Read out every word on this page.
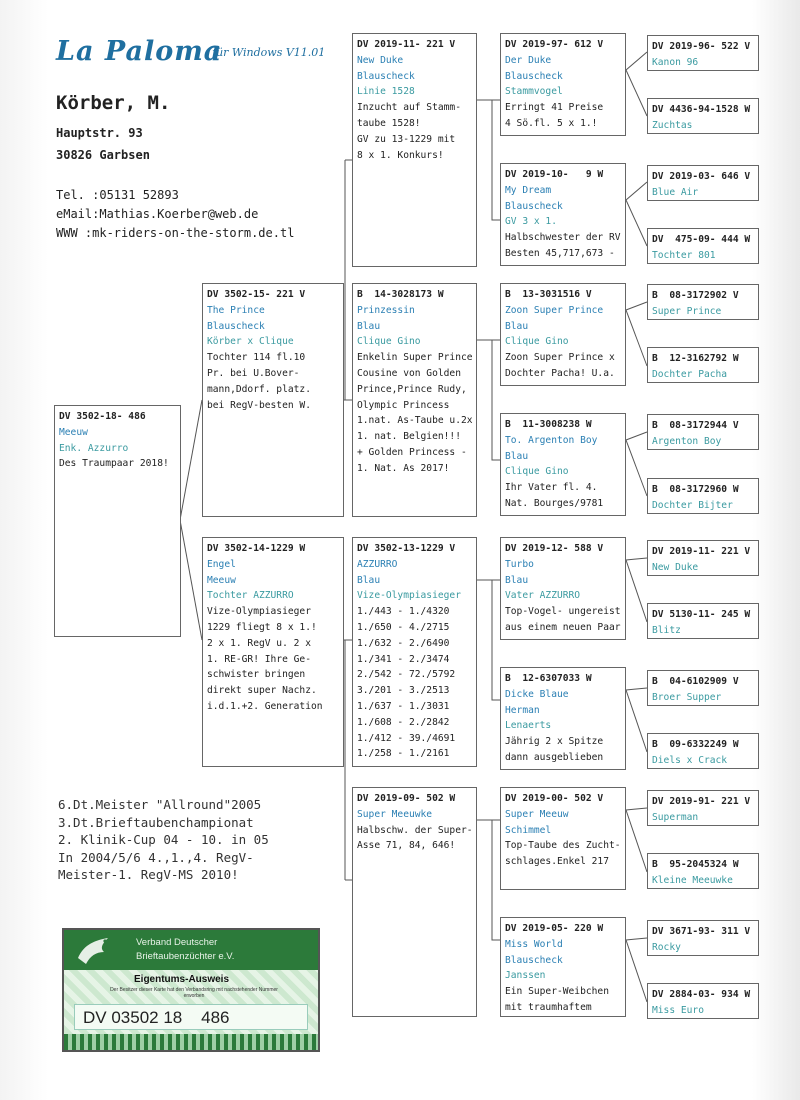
La Paloma
für Windows V11.01
Körber, M.
Hauptstr. 93
30826 Garbsen
Tel. :05131 52893
eMail:Mathias.Koerber@web.de
WWW :mk-riders-on-the-storm.de.tl
DV 3502-18- 486
Meeuw
Enk. Azzurro
Des Traumpaar 2018!
DV 3502-15- 221 V
The Prince
Blauscheck
Körber x Clique
Tochter 114 fl.10
Pr. bei U.Bover-
mann,Ddorf. platz.
bei RegV-besten W.
DV 3502-14-1229 W
Engel
Meeuw
Tochter AZZURRO
Vize-Olympiasieger
1229 fliegt 8 x 1.!
2 x 1. RegV u. 2 x
1. RE-GR! Ihre Ge-
schwister bringen
direkt super Nachz.
i.d.1.+2. Generation
DV 2019-11- 221 V
New Duke
Blauscheck
Linie 1528
Inzucht auf Stamm-
taube 1528!
GV zu 13-1229 mit
8 x 1. Konkurs!
B  14-3028173 W
Prinzessin
Blau
Clique Gino
Enkelin Super Prince
Cousine von Golden
Prince,Prince Rudy,
Olympic Princess
1.nat. As-Taube u.2x
1. nat. Belgien!!!
+ Golden Princess -
1. Nat. As 2017!
DV 3502-13-1229 V
AZZURRO
Blau
Vize-Olympiasieger
1./443 - 1./4320
1./650 - 4./2715
1./632 - 2./6490
1./341 - 2./3474
2./542 - 72./5792
3./201 - 3./2513
1./637 - 1./3031
1./608 - 2./2842
1./412 - 39./4691
1./258 - 1./2161
DV 2019-09- 502 W
Super Meeuwke
Halbschw. der Super-
Asse 71, 84, 646!
DV 2019-97- 612 V
Der Duke
Blauscheck
Stammvogel
Erringt 41 Preise
4 Sö.fl. 5 x 1.!
DV 2019-10-   9 W
My Dream
Blauscheck
GV 3 x 1.
Halbschwester der RV
Besten 45,717,673 -
B  13-3031516 V
Zoon Super Prince
Blau
Clique Gino
Zoon Super Prince x
Dochter Pacha! U.a.
B  11-3008238 W
To. Argenton Boy
Blau
Clique Gino
Ihr Vater fl. 4.
Nat. Bourges/9781
DV 2019-12- 588 V
Turbo
Blau
Vater AZZURRO
Top-Vogel- ungereist
aus einem neuen Paar
B  12-6307033 W
Dicke Blaue
Herman
Lenaerts
Jährig 2 x Spitze
dann ausgeblieben
DV 2019-00- 502 V
Super Meeuw
Schimmel
Top-Taube des Zucht-
schlages.Enkel 217
DV 2019-05- 220 W
Miss World
Blauscheck
Janssen
Ein Super-Weibchen
mit traumhaftem
DV 2019-96- 522 V
Kanon 96
DV 4436-94-1528 W
Zuchtas
DV 2019-03- 646 V
Blue Air
DV  475-09- 444 W
Tochter 801
B  08-3172902 V
Super Prince
B  12-3162792 W
Dochter Pacha
B  08-3172944 V
Argenton Boy
B  08-3172960 W
Dochter Bijter
DV 2019-11- 221 V
New Duke
DV 5130-11- 245 W
Blitz
B  04-6102909 V
Broer Supper
B  09-6332249 W
Diels x Crack
DV 2019-91- 221 V
Superman
B  95-2045324 W
Kleine Meeuwke
DV 3671-93- 311 V
Rocky
DV 2884-03- 934 W
Miss Euro
6.Dt.Meister "Allround"2005
3.Dt.Brieftaubenchampionat
2. Klinik-Cup 04 - 10. in 05
In 2004/5/6 4.,1.,4. RegV-
Meister-1. RegV-MS 2010!
Verband Deutscher
Brieftaubenzüchter e.V.
Eigentums-Ausweis
Der Besitzer dieser Karte hat den Verbandsring mit nachstehender Nummer erworben
DV 03502 18    486
